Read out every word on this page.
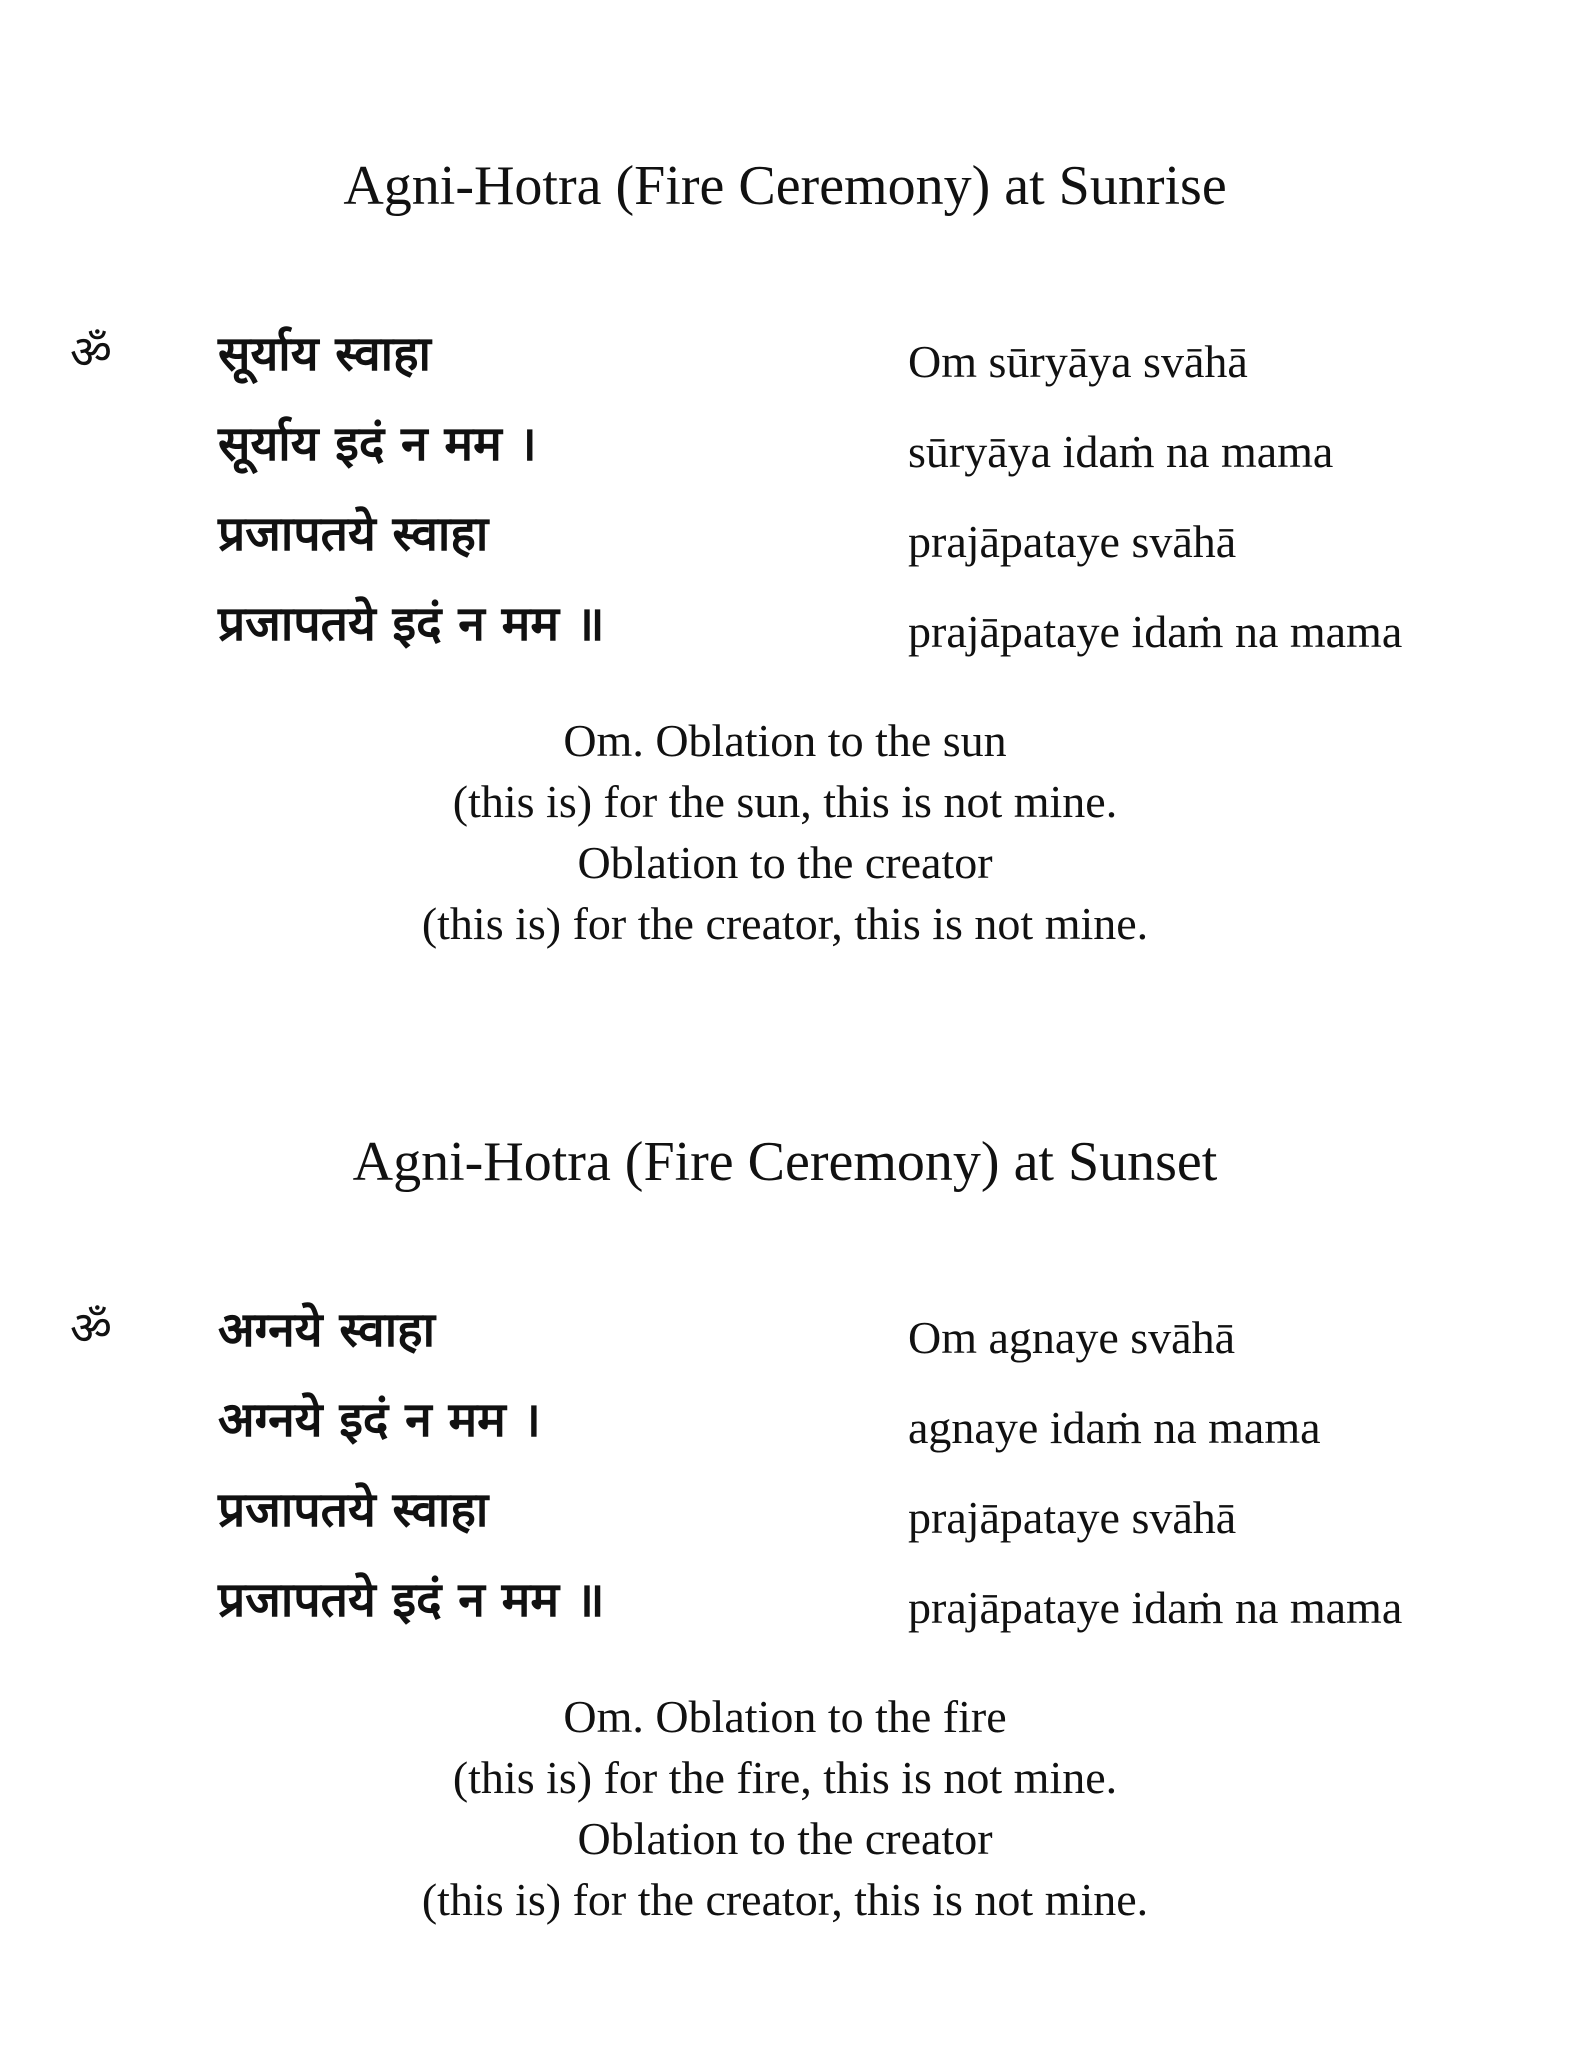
Agni-Hotra (Fire Ceremony) at Sunrise
ॐ सूर्याय स्वाहा	Om sūryāya svāhā
सूर्याय इदं न मम ।	sūryāya idaṁ na mama
प्रजापतये स्वाहा	prajāpataye svāhā
प्रजापतये इदं न मम ॥	prajāpataye idaṁ na mama
Om. Oblation to the sun
(this is) for the sun, this is not mine.
Oblation to the creator
(this is) for the creator, this is not mine.
Agni-Hotra (Fire Ceremony) at Sunset
ॐ अग्नये स्वाहा	Om agnaye svāhā
अग्नये इदं न मम ।	agnaye idaṁ na mama
प्रजापतये स्वाहा	prajāpataye svāhā
प्रजापतये इदं न मम ॥	prajāpataye idaṁ na mama
Om. Oblation to the fire
(this is) for the fire, this is not mine.
Oblation to the creator
(this is) for the creator, this is not mine.
